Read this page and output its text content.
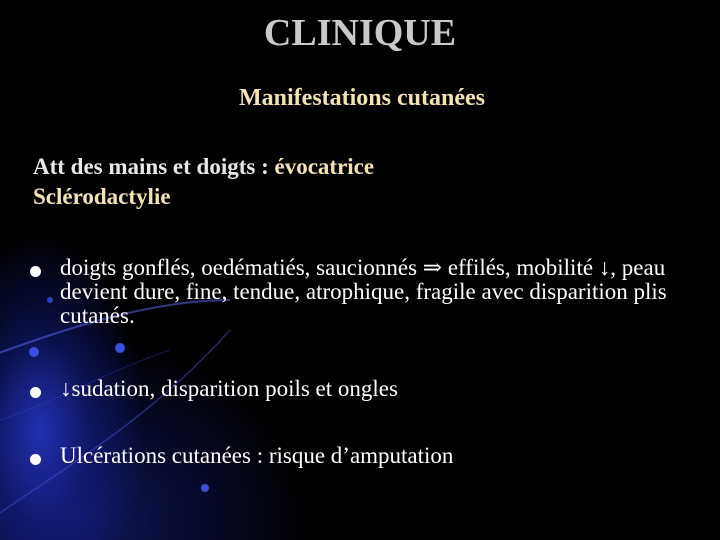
CLINIQUE
Manifestations cutanées
Att des mains et doigts : évocatrice
Sclérodactylie
doigts gonflés, oedématiés, saucionnés ⇒ effilés, mobilité ↓, peau devient dure, fine, tendue, atrophique, fragile avec disparition plis cutanés.
↓sudation, disparition poils et ongles
Ulcérations cutanées : risque d’amputation
